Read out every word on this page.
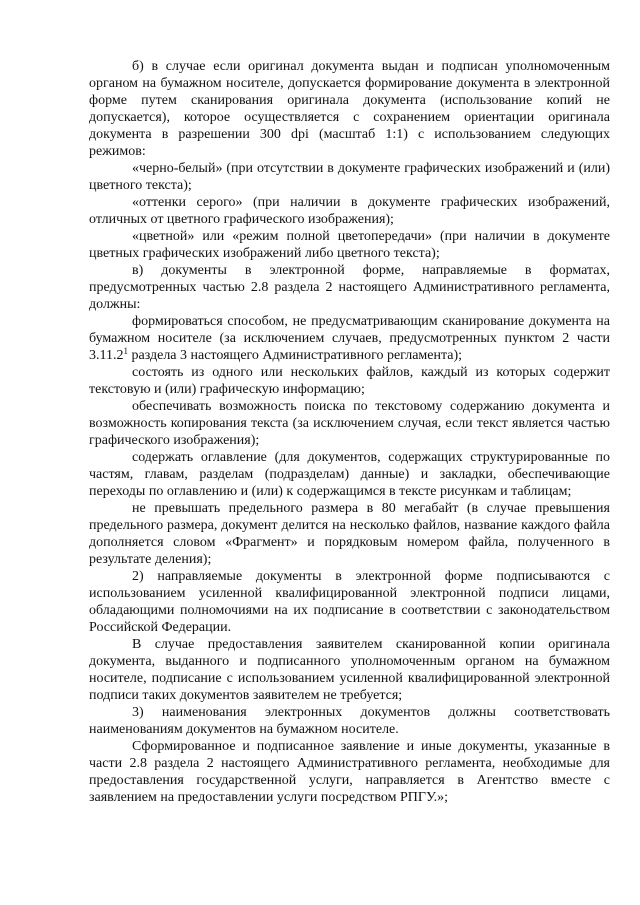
б) в случае если оригинал документа выдан и подписан уполномоченным органом на бумажном носителе, допускается формирование документа в электронной форме путем сканирования оригинала документа (использование копий не допускается), которое осуществляется с сохранением ориентации оригинала документа в разрешении 300 dpi (масштаб 1:1) с использованием следующих режимов:

«черно-белый» (при отсутствии в документе графических изображений и (или) цветного текста);

«оттенки серого» (при наличии в документе графических изображений, отличных от цветного графического изображения);

«цветной» или «режим полной цветопередачи» (при наличии в документе цветных графических изображений либо цветного текста);

в) документы в электронной форме, направляемые в форматах, предусмотренных частью 2.8 раздела 2 настоящего Административного регламента, должны:

формироваться способом, не предусматривающим сканирование документа на бумажном носителе (за исключением случаев, предусмотренных пунктом 2 части 3.11.2$^1$ раздела 3 настоящего Административного регламента);

состоять из одного или нескольких файлов, каждый из которых содержит текстовую и (или) графическую информацию;

обеспечивать возможность поиска по текстовому содержанию документа и возможность копирования текста (за исключением случая, если текст является частью графического изображения);

содержать оглавление (для документов, содержащих структурированные по частям, главам, разделам (подразделам) данные) и закладки, обеспечивающие переходы по оглавлению и (или) к содержащимся в тексте рисункам и таблицам;

не превышать предельного размера в 80 мегабайт (в случае превышения предельного размера, документ делится на несколько файлов, название каждого файла дополняется словом «Фрагмент» и порядковым номером файла, полученного в результате деления);

2) направляемые документы в электронной форме подписываются с использованием усиленной квалифицированной электронной подписи лицами, обладающими полномочиями на их подписание в соответствии с законодательством Российской Федерации.

В случае предоставления заявителем сканированной копии оригинала документа, выданного и подписанного уполномоченным органом на бумажном носителе, подписание с использованием усиленной квалифицированной электронной подписи таких документов заявителем не требуется;

3) наименования электронных документов должны соответствовать наименованиям документов на бумажном носителе.

Сформированное и подписанное заявление и иные документы, указанные в части 2.8 раздела 2 настоящего Административного регламента, необходимые для предоставления государственной услуги, направляется в Агентство вместе с заявлением на предоставлении услуги посредством РПГУ.»;
